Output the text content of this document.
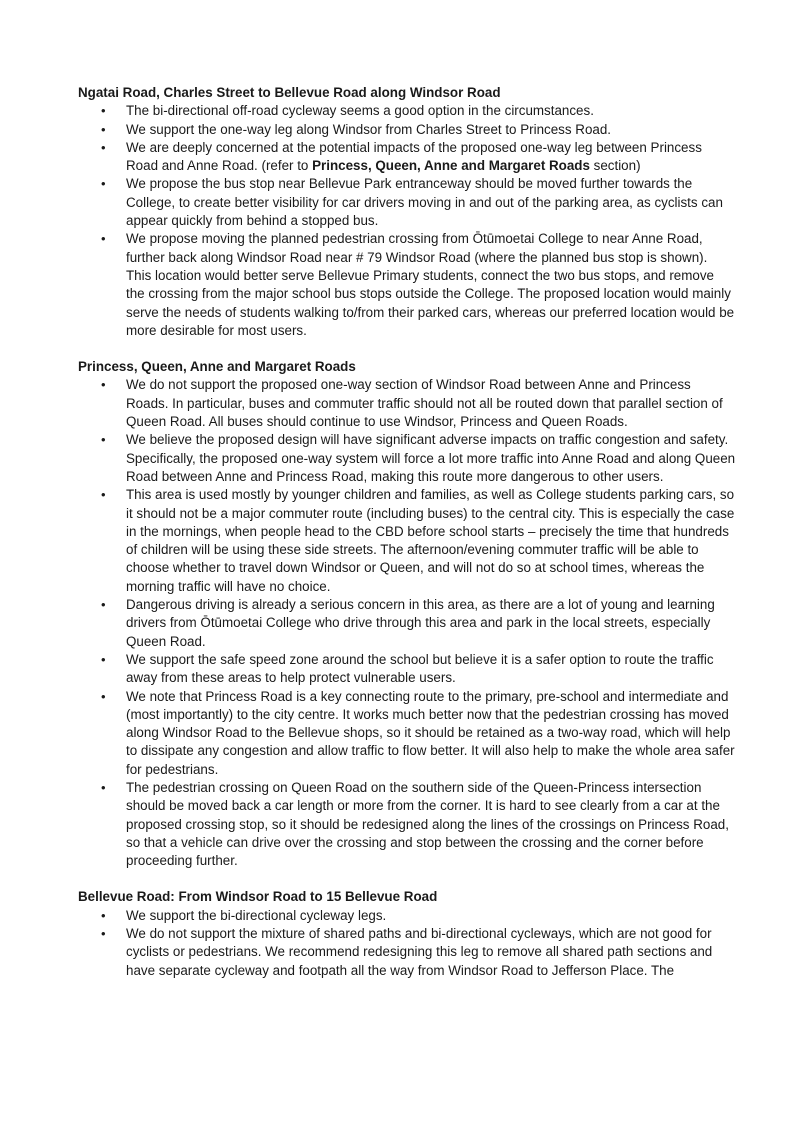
Ngatai Road, Charles Street to Bellevue Road along Windsor Road

• The bi-directional off-road cycleway seems a good option in the circumstances.
• We support the one-way leg along Windsor from Charles Street to Princess Road.
• We are deeply concerned at the potential impacts of the proposed one-way leg between Princess Road and Anne Road. (refer to Princess, Queen, Anne and Margaret Roads section)
• We propose the bus stop near Bellevue Park entranceway should be moved further towards the College, to create better visibility for car drivers moving in and out of the parking area, as cyclists can appear quickly from behind a stopped bus.
• We propose moving the planned pedestrian crossing from Ōtūmoetai College to near Anne Road, further back along Windsor Road near # 79 Windsor Road (where the planned bus stop is shown). This location would better serve Bellevue Primary students, connect the two bus stops, and remove the crossing from the major school bus stops outside the College. The proposed location would mainly serve the needs of students walking to/from their parked cars, whereas our preferred location would be more desirable for most users.

Princess, Queen, Anne and Margaret Roads

• We do not support the proposed one-way section of Windsor Road between Anne and Princess Roads. In particular, buses and commuter traffic should not all be routed down that parallel section of Queen Road. All buses should continue to use Windsor, Princess and Queen Roads.
• We believe the proposed design will have significant adverse impacts on traffic congestion and safety. Specifically, the proposed one-way system will force a lot more traffic into Anne Road and along Queen Road between Anne and Princess Road, making this route more dangerous to other users.
• This area is used mostly by younger children and families, as well as College students parking cars, so it should not be a major commuter route (including buses) to the central city. This is especially the case in the mornings, when people head to the CBD before school starts – precisely the time that hundreds of children will be using these side streets. The afternoon/evening commuter traffic will be able to choose whether to travel down Windsor or Queen, and will not do so at school times, whereas the morning traffic will have no choice.
• Dangerous driving is already a serious concern in this area, as there are a lot of young and learning drivers from Ōtūmoetai College who drive through this area and park in the local streets, especially Queen Road.
• We support the safe speed zone around the school but believe it is a safer option to route the traffic away from these areas to help protect vulnerable users.
• We note that Princess Road is a key connecting route to the primary, pre-school and intermediate and (most importantly) to the city centre. It works much better now that the pedestrian crossing has moved along Windsor Road to the Bellevue shops, so it should be retained as a two-way road, which will help to dissipate any congestion and allow traffic to flow better. It will also help to make the whole area safer for pedestrians.
• The pedestrian crossing on Queen Road on the southern side of the Queen-Princess intersection should be moved back a car length or more from the corner. It is hard to see clearly from a car at the proposed crossing stop, so it should be redesigned along the lines of the crossings on Princess Road, so that a vehicle can drive over the crossing and stop between the crossing and the corner before proceeding further.

Bellevue Road: From Windsor Road to 15 Bellevue Road

• We support the bi-directional cycleway legs.
• We do not support the mixture of shared paths and bi-directional cycleways, which are not good for cyclists or pedestrians. We recommend redesigning this leg to remove all shared path sections and have separate cycleway and footpath all the way from Windsor Road to Jefferson Place. The
